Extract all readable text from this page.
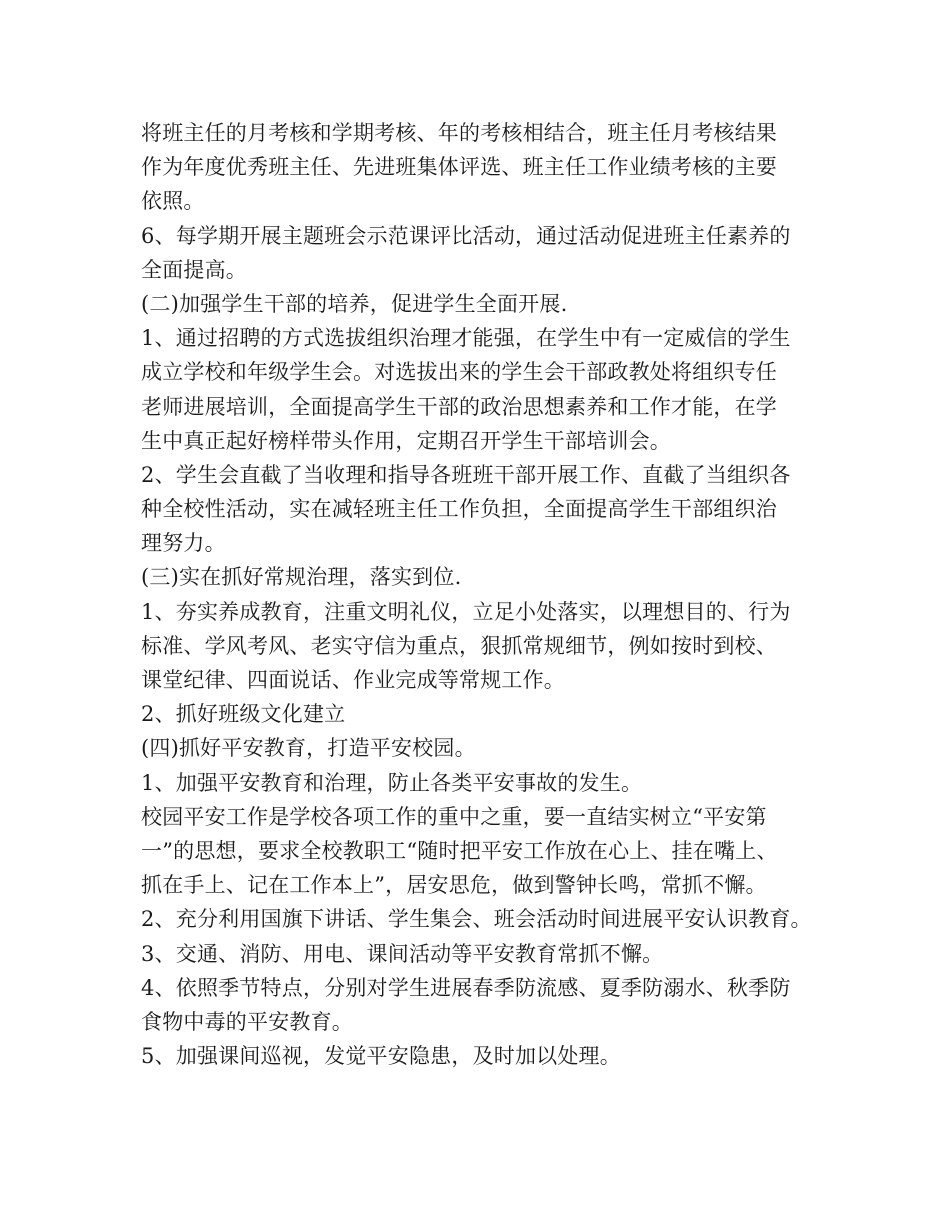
将班主任的月考核和学期考核、年的考核相结合，班主任月考核结果
作为年度优秀班主任、先进班集体评选、班主任工作业绩考核的主要
依照。
6、每学期开展主题班会示范课评比活动，通过活动促进班主任素养的
全面提高。
(二)加强学生干部的培养，促进学生全面开展.
1、通过招聘的方式选拔组织治理才能强，在学生中有一定威信的学生
成立学校和年级学生会。对选拔出来的学生会干部政教处将组织专任
老师进展培训，全面提高学生干部的政治思想素养和工作才能，在学
生中真正起好榜样带头作用，定期召开学生干部培训会。
2、学生会直截了当收理和指导各班班干部开展工作、直截了当组织各
种全校性活动，实在减轻班主任工作负担，全面提高学生干部组织治
理努力。
(三)实在抓好常规治理，落实到位.
1、夯实养成教育，注重文明礼仪，立足小处落实，以理想目的、行为
标准、学风考风、老实守信为重点，狠抓常规细节，例如按时到校、
课堂纪律、四面说话、作业完成等常规工作。
2、抓好班级文化建立
(四)抓好平安教育，打造平安校园。
1、加强平安教育和治理，防止各类平安事故的发生。
校园平安工作是学校各项工作的重中之重，要一直结实树立“平安第
一”的思想，要求全校教职工“随时把平安工作放在心上、挂在嘴上、
抓在手上、记在工作本上”，居安思危，做到警钟长鸣，常抓不懈。
2、充分利用国旗下讲话、学生集会、班会活动时间进展平安认识教育。
3、交通、消防、用电、课间活动等平安教育常抓不懈。
4、依照季节特点，分别对学生进展春季防流感、夏季防溺水、秋季防
食物中毒的平安教育。
5、加强课间巡视，发觉平安隐患，及时加以处理。
